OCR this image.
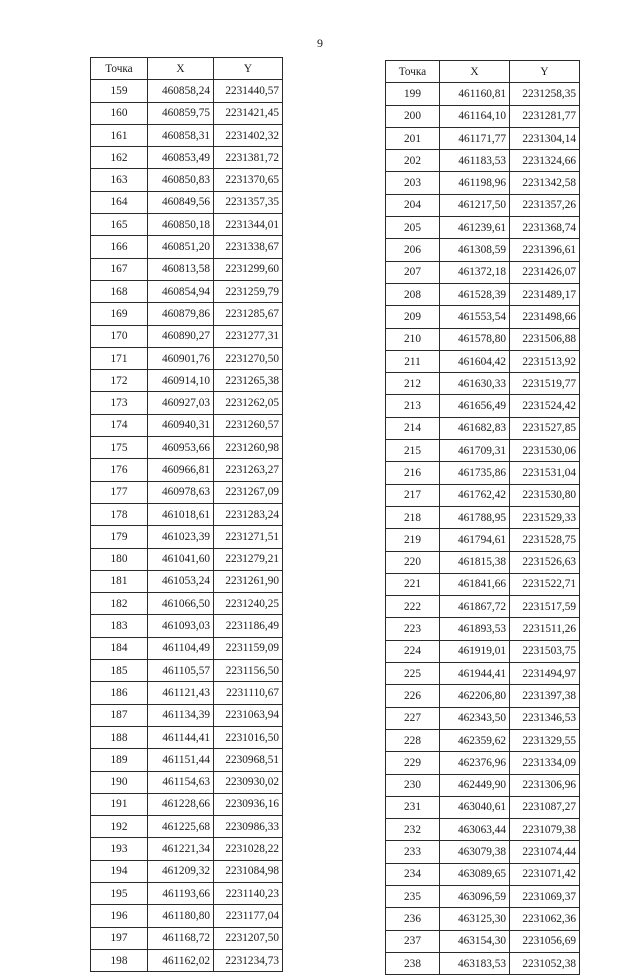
9
Точка	X	Y
159	460858,24	2231440,57
160	460859,75	2231421,45
161	460858,31	2231402,32
162	460853,49	2231381,72
163	460850,83	2231370,65
164	460849,56	2231357,35
165	460850,18	2231344,01
166	460851,20	2231338,67
167	460813,58	2231299,60
168	460854,94	2231259,79
169	460879,86	2231285,67
170	460890,27	2231277,31
171	460901,76	2231270,50
172	460914,10	2231265,38
173	460927,03	2231262,05
174	460940,31	2231260,57
175	460953,66	2231260,98
176	460966,81	2231263,27
177	460978,63	2231267,09
178	461018,61	2231283,24
179	461023,39	2231271,51
180	461041,60	2231279,21
181	461053,24	2231261,90
182	461066,50	2231240,25
183	461093,03	2231186,49
184	461104,49	2231159,09
185	461105,57	2231156,50
186	461121,43	2231110,67
187	461134,39	2231063,94
188	461144,41	2231016,50
189	461151,44	2230968,51
190	461154,63	2230930,02
191	461228,66	2230936,16
192	461225,68	2230986,33
193	461221,34	2231028,22
194	461209,32	2231084,98
195	461193,66	2231140,23
196	461180,80	2231177,04
197	461168,72	2231207,50
198	461162,02	2231234,73
Точка	X	Y
199	461160,81	2231258,35
200	461164,10	2231281,77
201	461171,77	2231304,14
202	461183,53	2231324,66
203	461198,96	2231342,58
204	461217,50	2231357,26
205	461239,61	2231368,74
206	461308,59	2231396,61
207	461372,18	2231426,07
208	461528,39	2231489,17
209	461553,54	2231498,66
210	461578,80	2231506,88
211	461604,42	2231513,92
212	461630,33	2231519,77
213	461656,49	2231524,42
214	461682,83	2231527,85
215	461709,31	2231530,06
216	461735,86	2231531,04
217	461762,42	2231530,80
218	461788,95	2231529,33
219	461794,61	2231528,75
220	461815,38	2231526,63
221	461841,66	2231522,71
222	461867,72	2231517,59
223	461893,53	2231511,26
224	461919,01	2231503,75
225	461944,41	2231494,97
226	462206,80	2231397,38
227	462343,50	2231346,53
228	462359,62	2231329,55
229	462376,96	2231334,09
230	462449,90	2231306,96
231	463040,61	2231087,27
232	463063,44	2231079,38
233	463079,38	2231074,44
234	463089,65	2231071,42
235	463096,59	2231069,37
236	463125,30	2231062,36
237	463154,30	2231056,69
238	463183,53	2231052,38
